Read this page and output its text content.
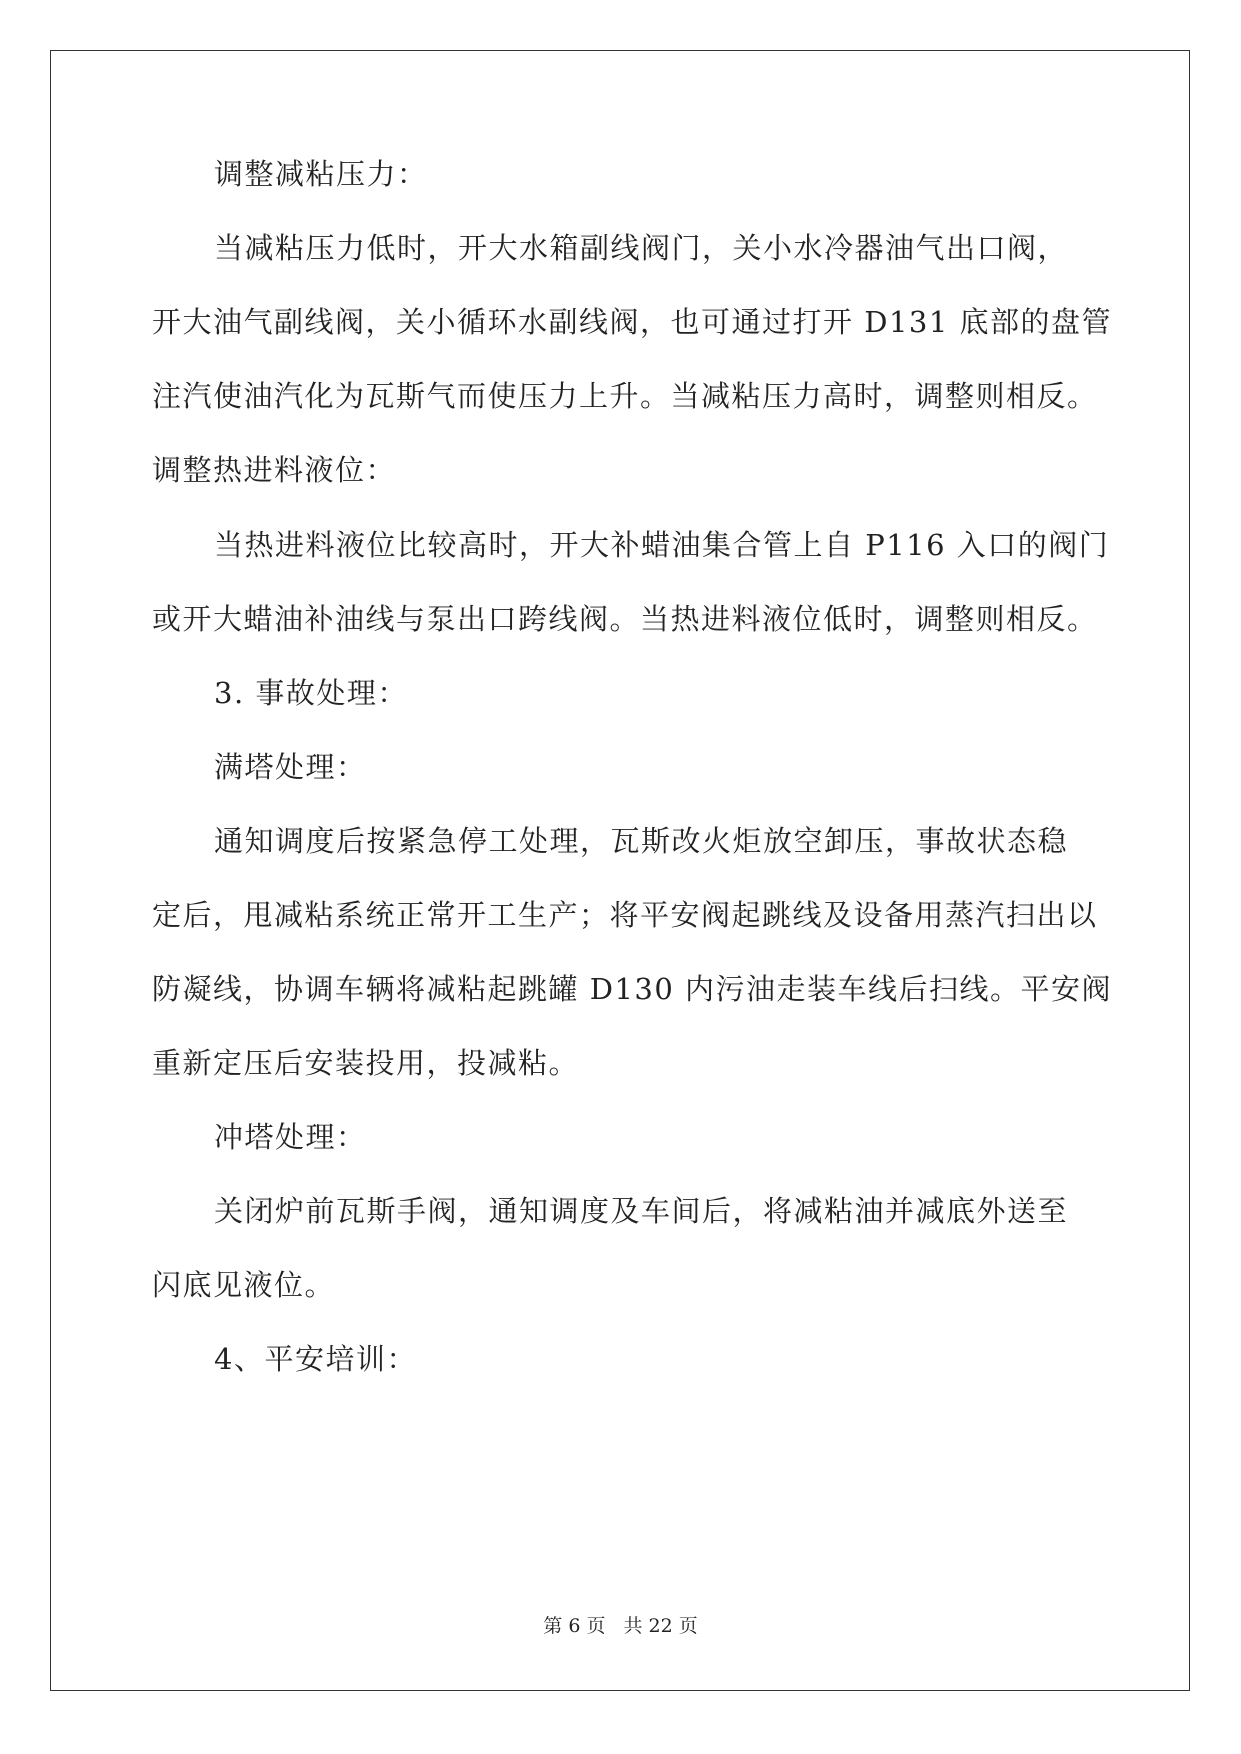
调整减粘压力：
当减粘压力低时，开大水箱副线阀门，关小水冷器油气出口阀，
开大油气副线阀，关小循环水副线阀，也可通过打开 D131 底部的盘管
注汽使油汽化为瓦斯气而使压力上升。当减粘压力高时，调整则相反。
调整热进料液位：
当热进料液位比较高时，开大补蜡油集合管上自 P116 入口的阀门
或开大蜡油补油线与泵出口跨线阀。当热进料液位低时，调整则相反。
3. 事故处理：
满塔处理：
通知调度后按紧急停工处理，瓦斯改火炬放空卸压，事故状态稳
定后，甩减粘系统正常开工生产；将平安阀起跳线及设备用蒸汽扫出以
防凝线，协调车辆将减粘起跳罐 D130 内污油走装车线后扫线。平安阀
重新定压后安装投用，投减粘。
冲塔处理：
关闭炉前瓦斯手阀，通知调度及车间后，将减粘油并减底外送至
闪底见液位。
4、平安培训：
第 6 页 共 22 页
